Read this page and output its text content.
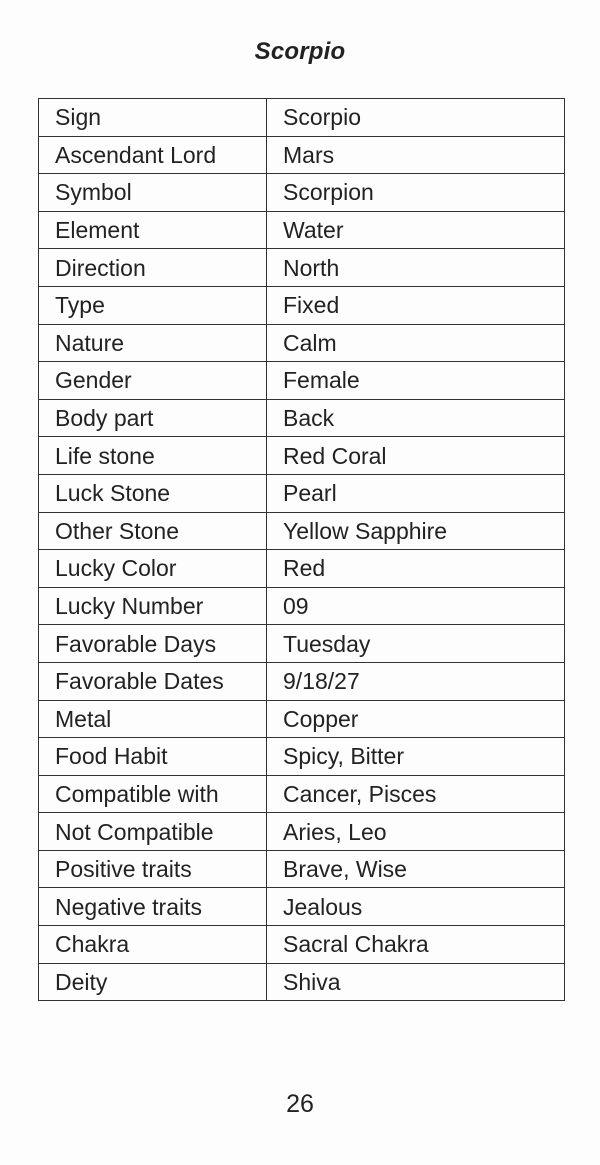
Scorpio
Sign	Scorpio
Ascendant Lord	Mars
Symbol	Scorpion
Element	Water
Direction	North
Type	Fixed
Nature	Calm
Gender	Female
Body part	Back
Life stone	Red Coral
Luck Stone	Pearl
Other Stone	Yellow Sapphire
Lucky Color	Red
Lucky Number	09
Favorable Days	Tuesday
Favorable Dates	9/18/27
Metal	Copper
Food Habit	Spicy, Bitter
Compatible with	Cancer, Pisces
Not Compatible	Aries, Leo
Positive traits	Brave, Wise
Negative traits	Jealous
Chakra	Sacral Chakra
Deity	Shiva
26
